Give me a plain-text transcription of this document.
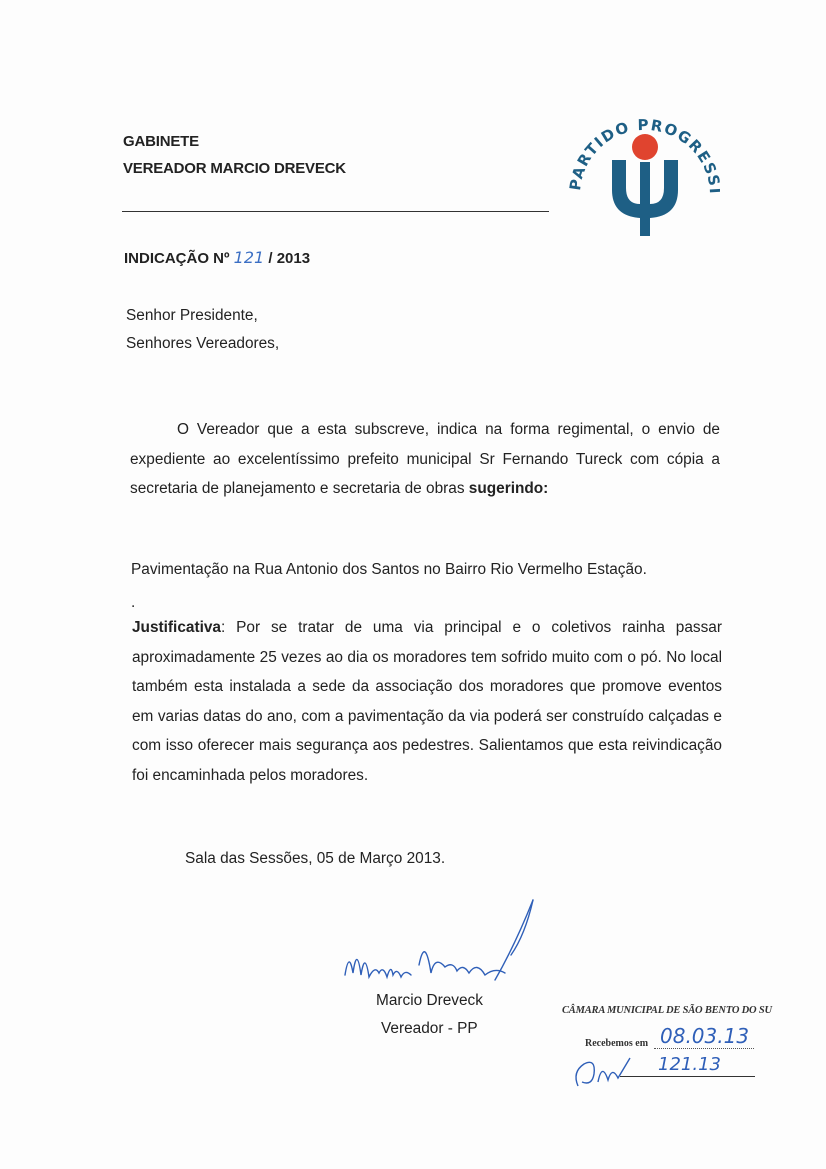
GABINETE
VEREADOR MARCIO DREVECK
PARTIDO PROGRES
INDICAÇÃO Nº 121 / 2013
Senhor Presidente,
Senhores Vereadores,
O Vereador que a esta subscreve, indica na forma regimental, o envio de expediente ao excelentíssimo prefeito municipal Sr Fernando Tureck com cópia a secretaria de planejamento e secretaria de obras sugerindo:
Pavimentação na Rua Antonio dos Santos no Bairro Rio Vermelho Estação.
.
Justificativa: Por se tratar de uma via principal e o coletivos rainha passar aproximadamente 25 vezes ao dia os moradores tem sofrido muito com o pó. No local também esta instalada a sede da associação dos moradores que promove eventos em varias datas do ano, com a pavimentação da via poderá ser construído calçadas e com isso oferecer mais segurança aos pedestres. Salientamos que esta reivindicação foi encaminhada pelos moradores.
Sala das Sessões, 05 de Março 2013.
Marcio Dreveck
Vereador - PP
CÂMARA MUNICIPAL DE SÃO BENTO DO SU
Recebemos em 08.03.13
121.13
